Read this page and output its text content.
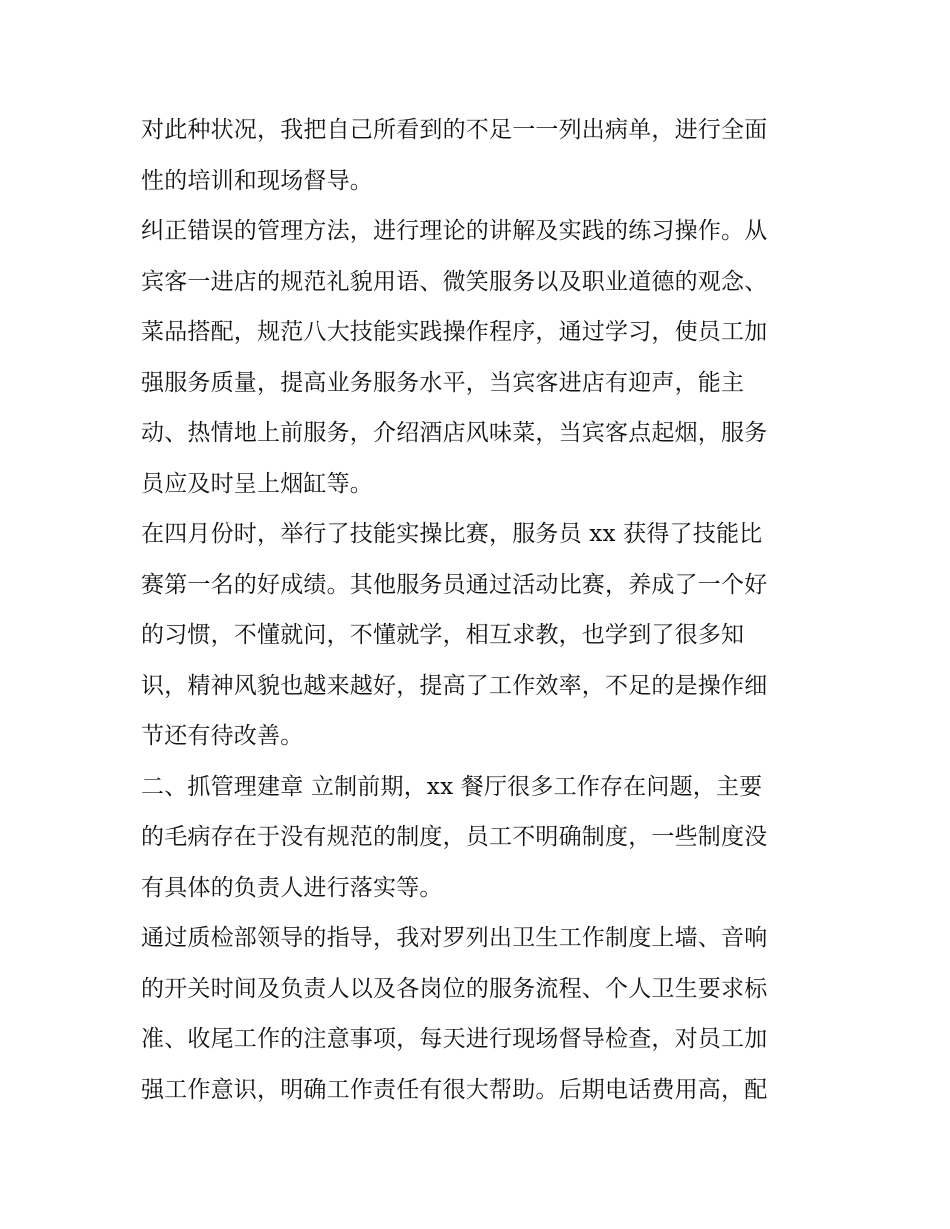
对此种状况，我把自己所看到的不足一一列出病单，进行全面
性的培训和现场督导。
纠正错误的管理方法，进行理论的讲解及实践的练习操作。从
宾客一进店的规范礼貌用语、微笑服务以及职业道德的观念、
菜品搭配，规范八大技能实践操作程序，通过学习，使员工加
强服务质量，提高业务服务水平，当宾客进店有迎声，能主
动、热情地上前服务，介绍酒店风味菜，当宾客点起烟，服务
员应及时呈上烟缸等。
在四月份时，举行了技能实操比赛，服务员 xx 获得了技能比
赛第一名的好成绩。其他服务员通过活动比赛，养成了一个好
的习惯，不懂就问，不懂就学，相互求教，也学到了很多知
识，精神风貌也越来越好，提高了工作效率，不足的是操作细
节还有待改善。
二、抓管理建章 立制前期，xx 餐厅很多工作存在问题，主要
的毛病存在于没有规范的制度，员工不明确制度，一些制度没
有具体的负责人进行落实等。
通过质检部领导的指导，我对罗列出卫生工作制度上墙、音响
的开关时间及负责人以及各岗位的服务流程、个人卫生要求标
准、收尾工作的注意事项，每天进行现场督导检查，对员工加
强工作意识，明确工作责任有很大帮助。后期电话费用高，配
